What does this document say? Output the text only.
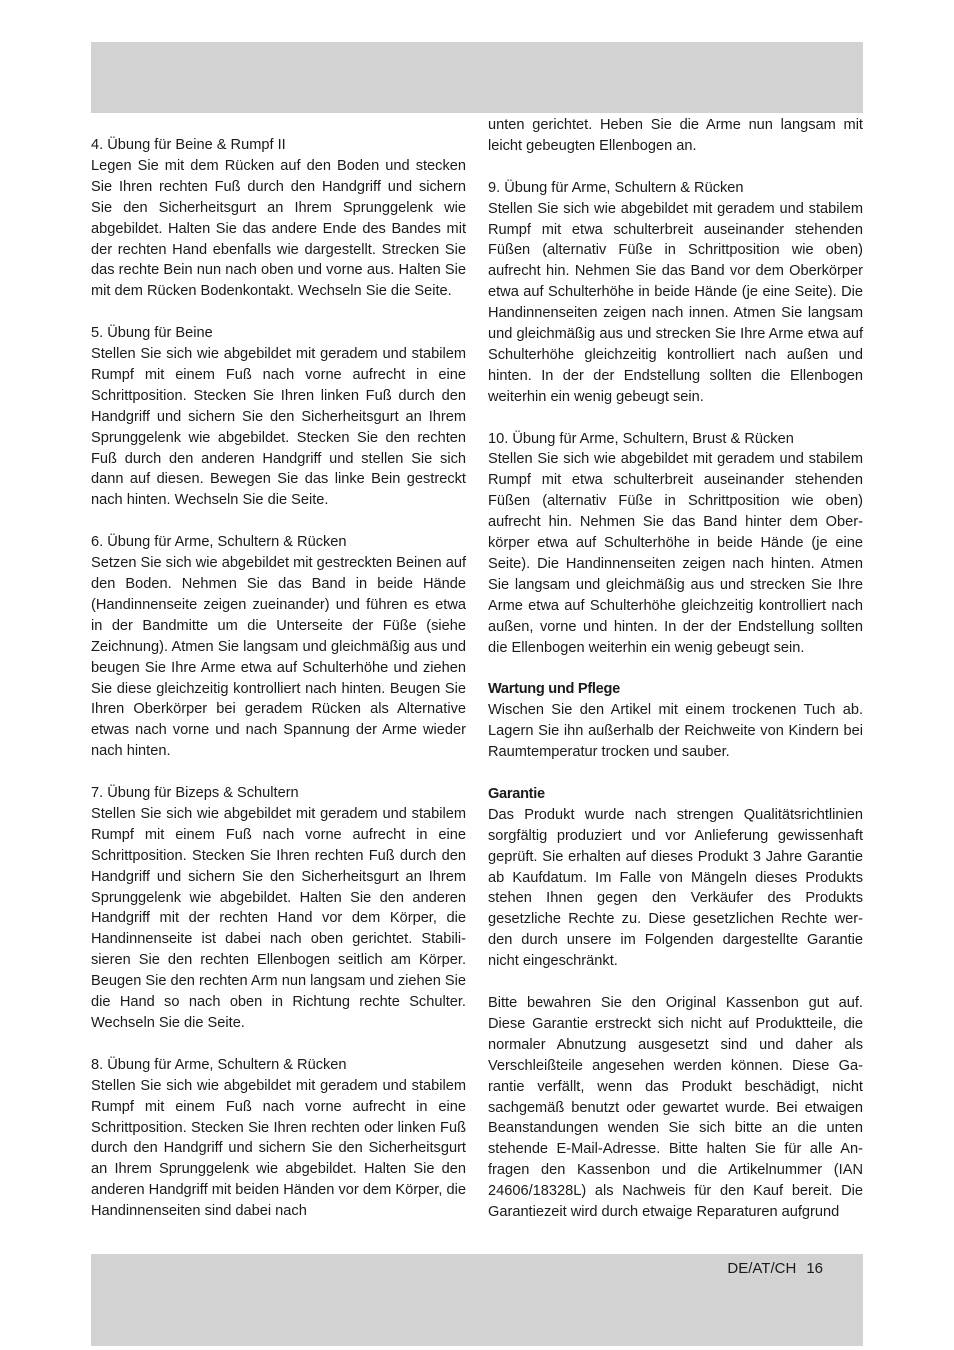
4. Übung für Beine & Rumpf II
Legen Sie mit dem Rücken auf den Boden und stecken Sie Ihren rechten Fuß durch den Handgriff und sichern Sie den Sicherheitsgurt an Ihrem Sprunggelenk wie abgebildet. Halten Sie das andere Ende des Bandes mit der rechten Hand ebenfalls wie dargestellt. Strecken Sie das rechte Bein nun nach oben und vorne aus. Halten Sie mit dem Rücken Bodenkontakt. Wechseln Sie die Seite.
5. Übung für Beine
Stellen Sie sich wie abgebildet mit geradem und stabilem Rumpf mit einem Fuß nach vorne aufrecht in eine Schrittposition. Stecken Sie Ihren linken Fuß durch den Handgriff und sichern Sie den Sicherheitsgurt an Ihrem Sprunggelenk wie abgebildet. Stecken Sie den rechten Fuß durch den anderen Handgriff und stellen Sie sich dann auf diesen. Bewegen Sie das linke Bein gestreckt nach hinten. Wechseln Sie die Seite.
6. Übung für Arme, Schultern & Rücken
Setzen Sie sich wie abgebildet mit gestreckten Beinen auf den Boden. Nehmen Sie das Band in beide Hände (Handinnenseite zeigen zueinander) und führen es etwa in der Bandmitte um die Unterseite der Füße (siehe Zeichnung). Atmen Sie langsam und gleichmäßig aus und beugen Sie Ihre Arme etwa auf Schulterhöhe und ziehen Sie diese gleichzeitig kontrolliert nach hinten. Beugen Sie Ihren Oberkörper bei geradem Rücken als Alternative etwas nach vorne und nach Spannung der Arme wieder nach hinten.
7. Übung für Bizeps & Schultern
Stellen Sie sich wie abgebildet mit geradem und stabilem Rumpf mit einem Fuß nach vorne aufrecht in eine Schrittposition. Stecken Sie Ihren rechten Fuß durch den Handgriff und sichern Sie den Sicherheitsgurt an Ihrem Sprunggelenk wie abgebildet. Halten Sie den anderen Handgriff mit der rechten Hand vor dem Körper, die Handinnenseite ist dabei nach oben gerichtet. Stabilisieren Sie den rechten Ellenbogen seitlich am Körper. Beugen Sie den rechten Arm nun langsam und ziehen Sie die Hand so nach oben in Richtung rechte Schulter. Wechseln Sie die Seite.
8. Übung für Arme, Schultern & Rücken
Stellen Sie sich wie abgebildet mit geradem und stabilem Rumpf mit einem Fuß nach vorne aufrecht in eine Schrittposition. Stecken Sie Ihren rechten oder linken Fuß durch den Handgriff und sichern Sie den Sicherheitsgurt an Ihrem Sprunggelenk wie abgebildet. Halten Sie den anderen Handgriff mit beiden Händen vor dem Körper, die Handinnenseiten sind dabei nach
unten gerichtet. Heben Sie die Arme nun langsam mit leicht gebeugten Ellenbogen an.
9. Übung für Arme, Schultern & Rücken
Stellen Sie sich wie abgebildet mit geradem und stabilem Rumpf mit etwa schulterbreit auseinander stehenden Füßen (alternativ Füße in Schrittposition wie oben) aufrecht hin. Nehmen Sie das Band vor dem Oberkörper etwa auf Schulterhöhe in beide Hände (je eine Seite). Die Handinnenseiten zeigen nach innen. Atmen Sie langsam und gleichmäßig aus und strecken Sie Ihre Arme etwa auf Schulterhöhe gleichzeitig kontrolliert nach außen und hinten. In der der Endstellung sollten die Ellenbogen weiterhin ein wenig gebeugt sein.
10. Übung für Arme, Schultern, Brust & Rücken
Stellen Sie sich wie abgebildet mit geradem und stabilem Rumpf mit etwa schulterbreit auseinander stehenden Füßen (alternativ Füße in Schrittposition wie oben) aufrecht hin. Nehmen Sie das Band hinter dem Oberkörper etwa auf Schulterhöhe in beide Hände (je eine Seite). Die Handinnenseiten zeigen nach hinten. Atmen Sie langsam und gleichmäßig aus und strecken Sie Ihre Arme etwa auf Schulterhöhe gleichzeitig kontrolliert nach außen, vorne und hinten. In der der Endstellung sollten die Ellenbogen weiterhin ein wenig gebeugt sein.
Wartung und Pflege
Wischen Sie den Artikel mit einem trockenen Tuch ab. Lagern Sie ihn außerhalb der Reichweite von Kindern bei Raumtemperatur trocken und sauber.
Garantie
Das Produkt wurde nach strengen Qualitätsrichtlinien sorgfältig produziert und vor Anlieferung gewissenhaft geprüft. Sie erhalten auf dieses Produkt 3 Jahre Garantie ab Kaufdatum. Im Falle von Mängeln dieses Produkts stehen Ihnen gegen den Verkäufer des Produkts gesetzliche Rechte zu. Diese gesetzlichen Rechte werden durch unsere im Folgenden dargestellte Garantie nicht eingeschränkt.
Bitte bewahren Sie den Original Kassenbon gut auf. Diese Garantie erstreckt sich nicht auf Produktteile, die normaler Abnutzung ausgesetzt sind und daher als Verschleißteile angesehen werden können. Diese Garantie verfällt, wenn das Produkt beschädigt, nicht sachgemäß benutzt oder gewartet wurde. Bei etwaigen Beanstandungen wenden Sie sich bitte an die unten stehende E-Mail-Adresse. Bitte halten Sie für alle Anfragen den Kassenbon und die Artikelnummer (IAN 24606/18328L) als Nachweis für den Kauf bereit. Die Garantiezeit wird durch etwaige Reparaturen aufgrund
DE/AT/CH 16
